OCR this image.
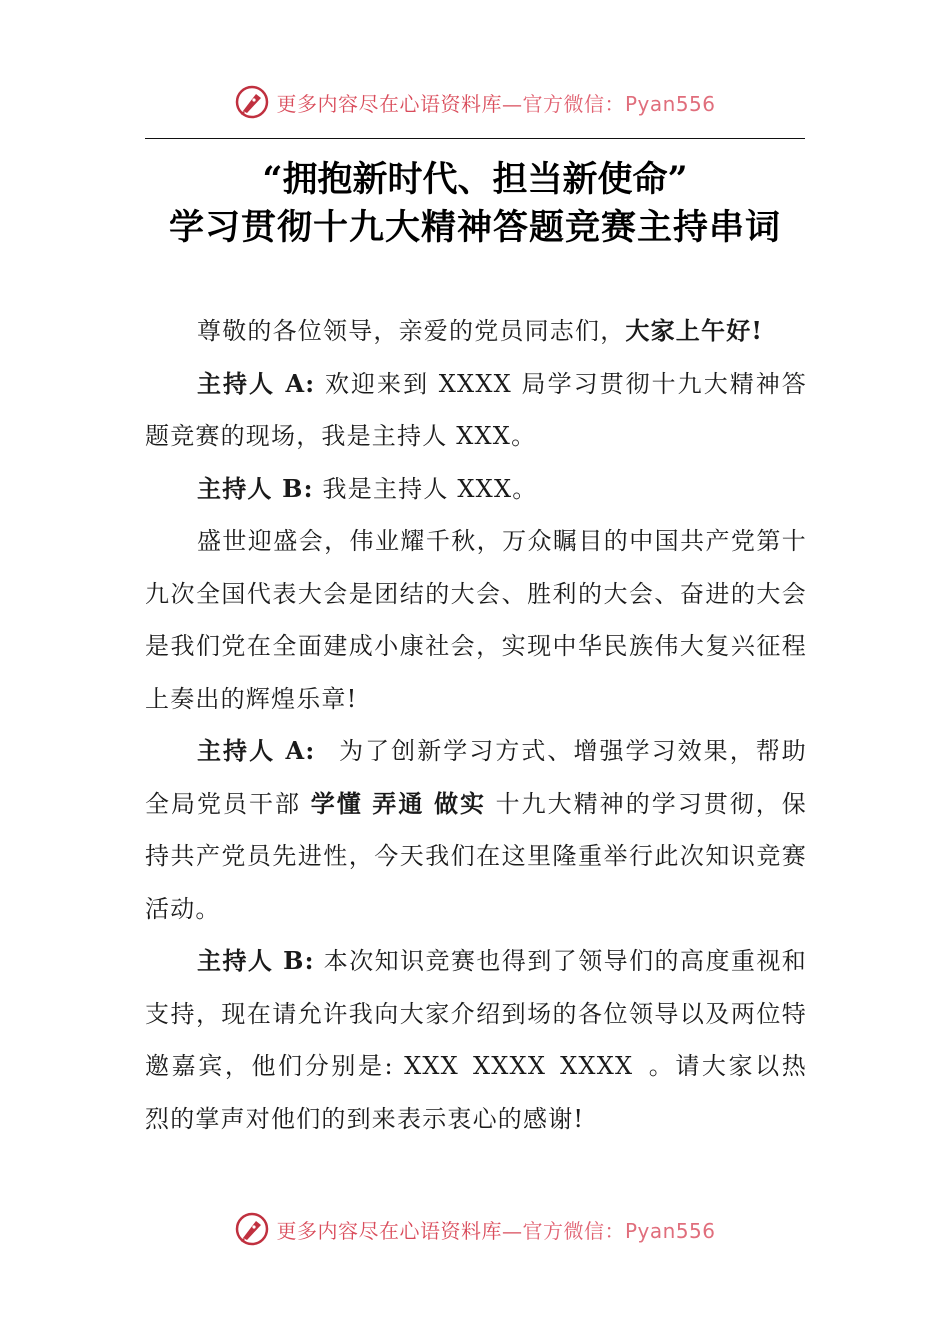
更多内容尽在心语资料库—官方微信：Pyan556
“拥抱新时代、担当新使命”
学习贯彻十九大精神答题竞赛主持串词

尊敬的各位领导，亲爱的党员同志们，大家上午好!

主持人 A: 欢迎来到 XXXX 局学习贯彻十九大精神答题竞赛的现场，我是主持人 XXX。

主持人 B: 我是主持人 XXX。

盛世迎盛会，伟业耀千秋，万众瞩目的中国共产党第十九次全国代表大会是团结的大会、胜利的大会、奋进的大会是我们党在全面建成小康社会，实现中华民族伟大复兴征程上奏出的辉煌乐章!

主持人 A: 为了创新学习方式、增强学习效果，帮助全局党员干部 学懂 弄通 做实 十九大精神的学习贯彻，保持共产党员先进性，今天我们在这里隆重举行此次知识竞赛活动。

主持人 B: 本次知识竞赛也得到了领导们的高度重视和支持，现在请允许我向大家介绍到场的各位领导以及两位特邀嘉宾，他们分别是: XXX XXXX XXXX 。请大家以热烈的掌声对他们的到来表示衷心的感谢!

更多内容尽在心语资料库—官方微信：Pyan556
